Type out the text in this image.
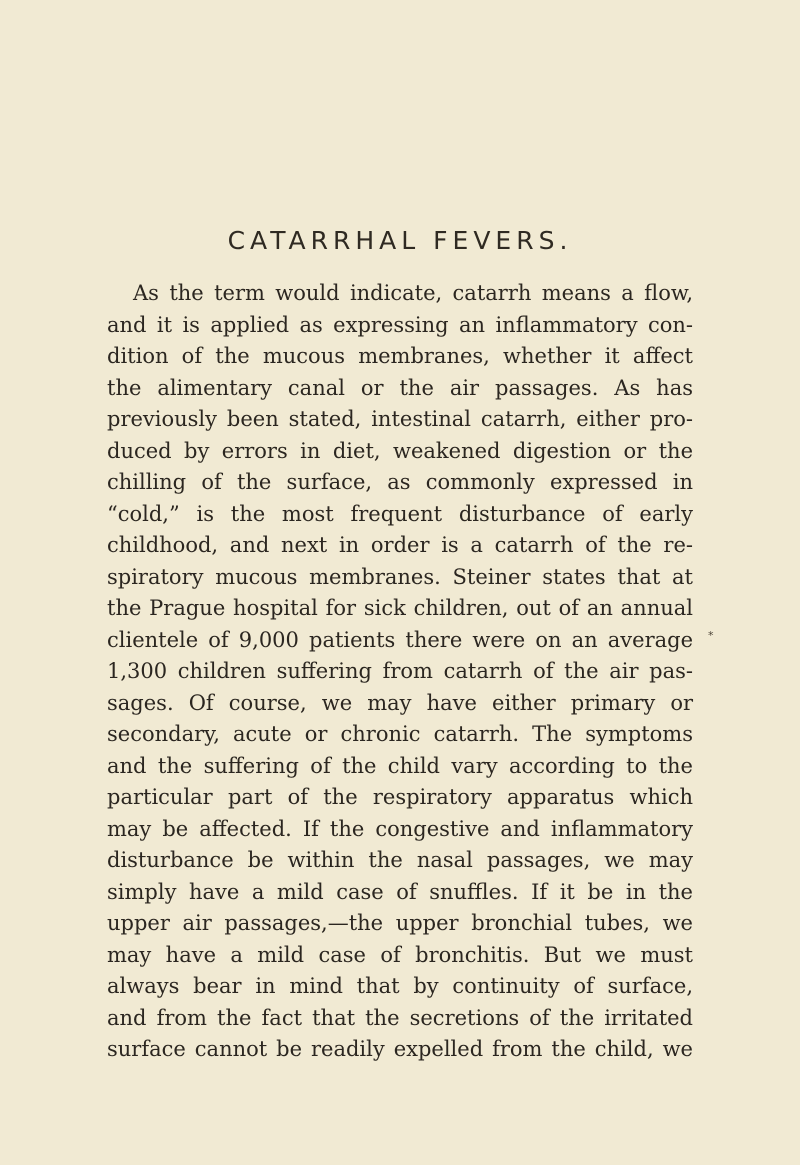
CATARRHAL FEVERS.
As the term would indicate, catarrh means a flow,
and it is applied as expressing an inflammatory con-
dition of the mucous membranes, whether it affect
the alimentary canal or the air passages. As has
previously been stated, intestinal catarrh, either pro-
duced by errors in diet, weakened digestion or the
chilling of the surface, as commonly expressed in
“cold,” is the most frequent disturbance of early
childhood, and next in order is a catarrh of the re-
spiratory mucous membranes. Steiner states that at
the Prague hospital for sick children, out of an annual
clientele of 9,000 patients there were on an average
1,300 children suffering from catarrh of the air pas-
sages. Of course, we may have either primary or
secondary, acute or chronic catarrh. The symptoms
and the suffering of the child vary according to the
particular part of the respiratory apparatus which
may be affected. If the congestive and inflammatory
disturbance be within the nasal passages, we may
simply have a mild case of snuffles. If it be in the
upper air passages,—the upper bronchial tubes, we
may have a mild case of bronchitis. But we must
always bear in mind that by continuity of surface,
and from the fact that the secretions of the irritated
surface cannot be readily expelled from the child, we
*
